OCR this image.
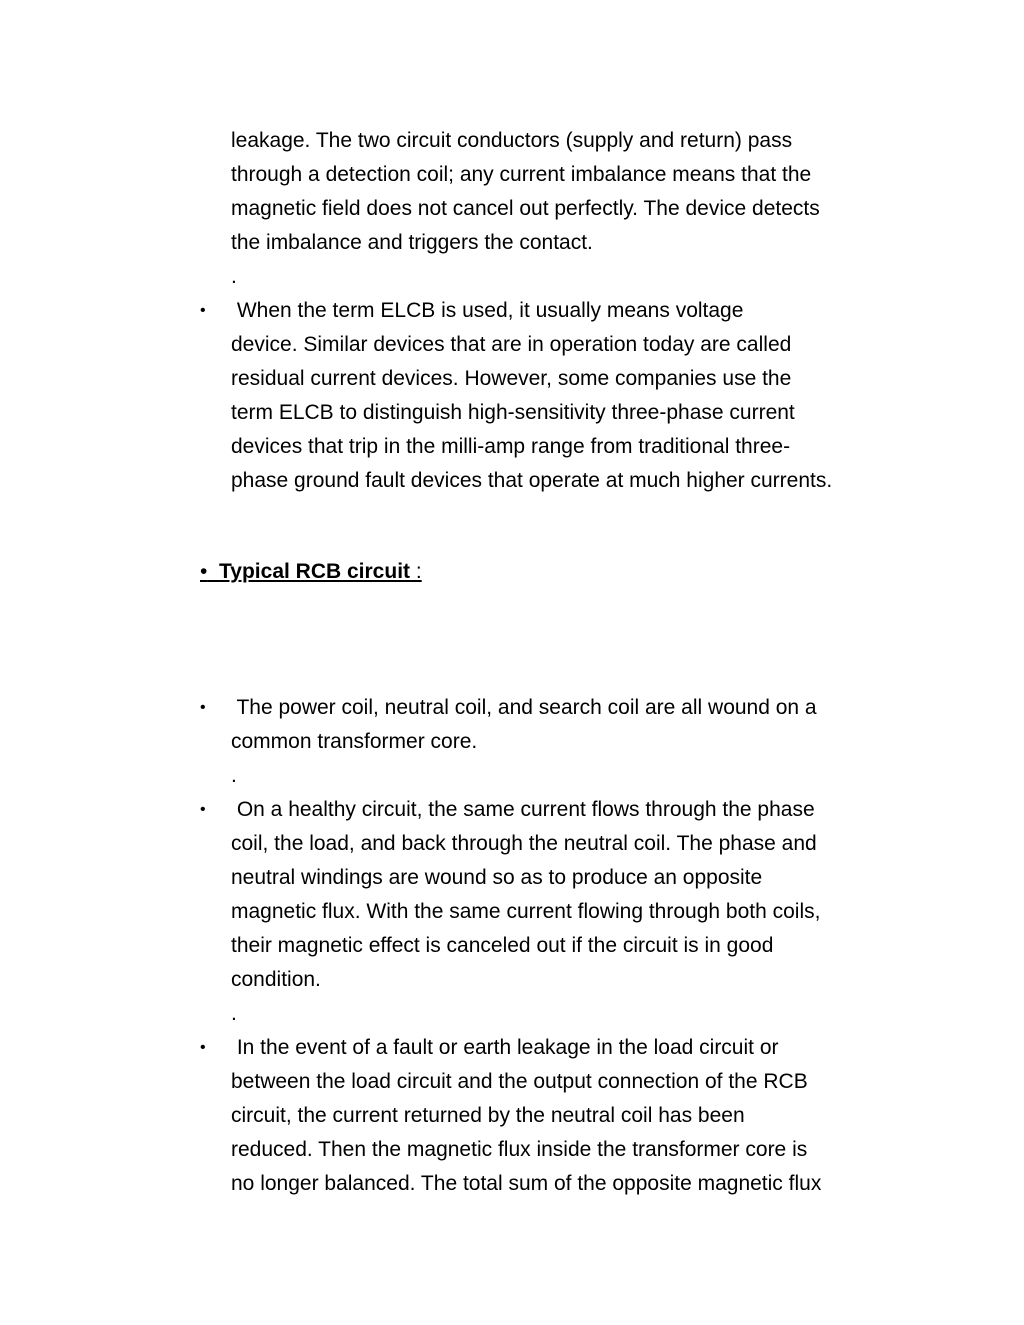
leakage. The two circuit conductors (supply and return) pass
through a detection coil; any current imbalance means that the
magnetic field does not cancel out perfectly. The device detects
the imbalance and triggers the contact.
.
• When the term ELCB is used, it usually means voltage
device. Similar devices that are in operation today are called
residual current devices. However, some companies use the
term ELCB to distinguish high-sensitivity three-phase current
devices that trip in the milli-amp range from traditional three-
phase ground fault devices that operate at much higher currents.
• Typical RCB circuit :
• The power coil, neutral coil, and search coil are all wound on a
common transformer core.
.
• On a healthy circuit, the same current flows through the phase
coil, the load, and back through the neutral coil. The phase and
neutral windings are wound so as to produce an opposite
magnetic flux. With the same current flowing through both coils,
their magnetic effect is canceled out if the circuit is in good
condition.
.
• In the event of a fault or earth leakage in the load circuit or
between the load circuit and the output connection of the RCB
circuit, the current returned by the neutral coil has been
reduced. Then the magnetic flux inside the transformer core is
no longer balanced. The total sum of the opposite magnetic flux
